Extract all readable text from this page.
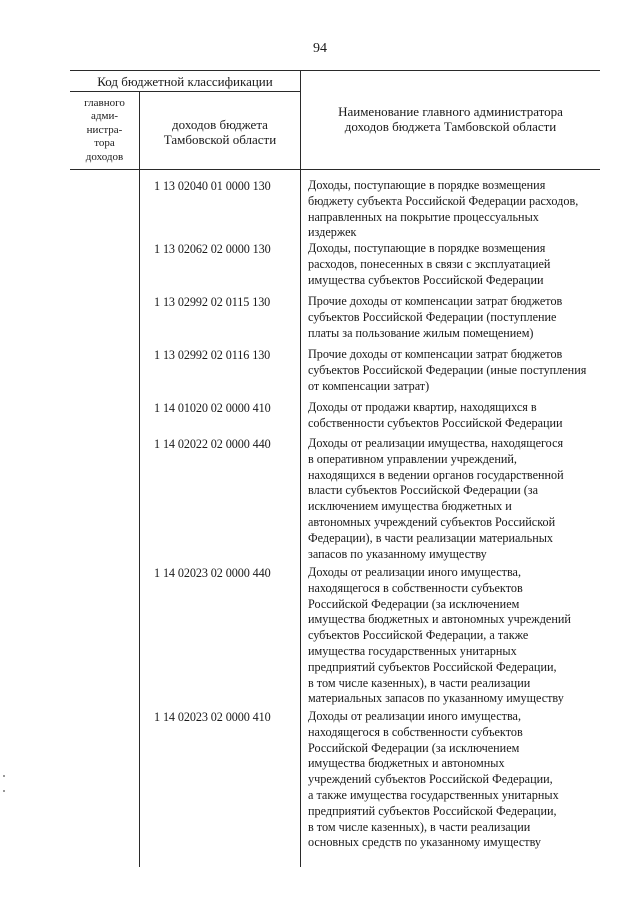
94
Код бюджетной классификации
главного
адми-
нистра-
тора
доходов
доходов бюджета
Тамбовской области
Наименование главного администратора
доходов бюджета Тамбовской области
1 13 02040 01 0000 130	Доходы, поступающие в порядке возмещения
бюджету субъекта Российской Федерации расходов,
направленных на покрытие процессуальных
издержек
1 13 02062 02 0000 130	Доходы, поступающие в порядке возмещения
расходов, понесенных в связи с эксплуатацией
имущества субъектов Российской Федерации
1 13 02992 02 0115 130	Прочие доходы от компенсации затрат бюджетов
субъектов Российской Федерации (поступление
платы за пользование жилым помещением)
1 13 02992 02 0116 130	Прочие доходы от компенсации затрат бюджетов
субъектов Российской Федерации (иные поступления
от компенсации затрат)
1 14 01020 02 0000 410	Доходы от продажи квартир, находящихся в
собственности субъектов Российской Федерации
1 14 02022 02 0000 440	Доходы от реализации имущества, находящегося
в оперативном управлении учреждений,
находящихся в ведении органов государственной
власти субъектов Российской Федерации (за
исключением имущества бюджетных и
автономных учреждений субъектов Российской
Федерации), в части реализации материальных
запасов по указанному имуществу
1 14 02023 02 0000 440	Доходы от реализации иного имущества,
находящегося в собственности субъектов
Российской Федерации (за исключением
имущества бюджетных и автономных учреждений
субъектов Российской Федерации, а также
имущества государственных унитарных
предприятий субъектов Российской Федерации,
в том числе казенных), в части реализации
материальных запасов по указанному имуществу
1 14 02023 02 0000 410	Доходы от реализации иного имущества,
находящегося в собственности субъектов
Российской Федерации (за исключением
имущества бюджетных и автономных
учреждений субъектов Российской Федерации,
а также имущества государственных унитарных
предприятий субъектов Российской Федерации,
в том числе казенных), в части реализации
основных средств по указанному имуществу
